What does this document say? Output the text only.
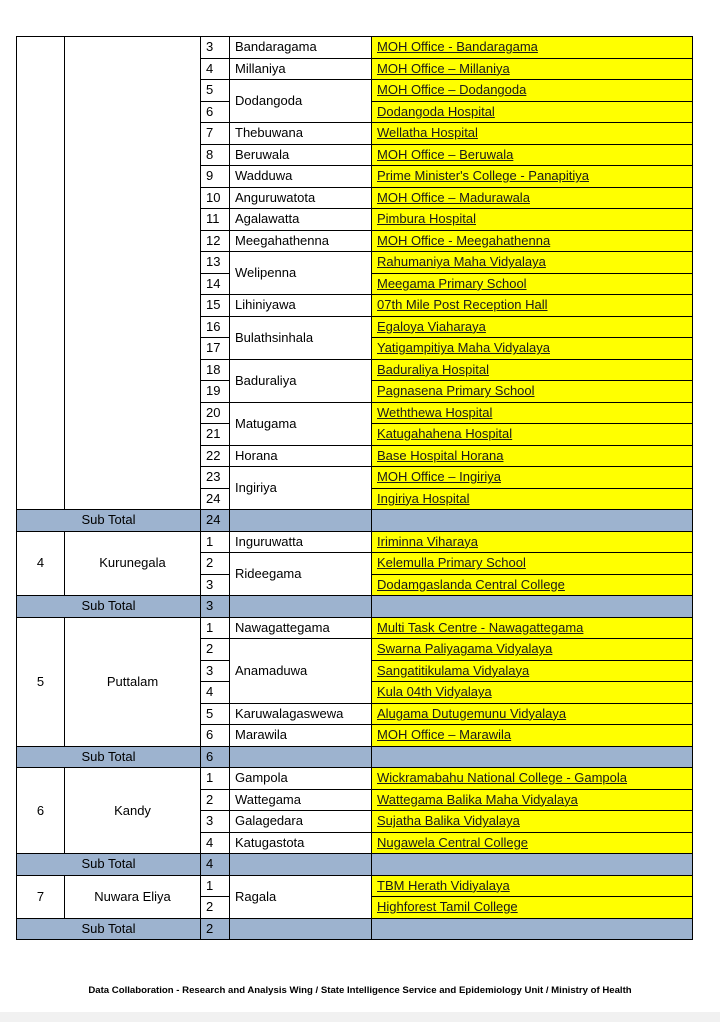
		3	Bandaragama	MOH Office - Bandaragama
		4	Millaniya	MOH Office – Millaniya
		5	Dodangoda	MOH Office – Dodangoda
		6		Dodangoda Hospital
		7	Thebuwana	Wellatha Hospital
		8	Beruwala	MOH Office – Beruwala
		9	Wadduwa	Prime Minister's College - Panapitiya
		10	Anguruwatota	MOH Office – Madurawala
		11	Agalawatta	Pimbura Hospital
		12	Meegahathenna	MOH Office - Meegahathenna
		13	Welipenna	Rahumaniya Maha Vidyalaya
		14		Meegama Primary School
		15	Lihiniyawa	07th Mile Post Reception Hall
		16	Bulathsinhala	Egaloya Viaharaya
		17		Yatigampitiya Maha Vidyalaya
		18	Baduraliya	Baduraliya Hospital
		19		Pagnasena Primary School
		20	Matugama	Weththewa Hospital
		21		Katugahahena Hospital
		22	Horana	Base Hospital Horana
		23	Ingiriya	MOH Office – Ingiriya
		24		Ingiriya Hospital
Sub Total		24		
4	Kurunegala	1	Inguruwatta	Iriminna Viharaya
		2	Rideegama	Kelemulla Primary School
		3		Dodamgaslanda Central College
Sub Total		3		
5	Puttalam	1	Nawagattegama	Multi Task Centre - Nawagattegama
		2	Anamaduwa	Swarna Paliyagama Vidyalaya
		3		Sangatitikulama Vidyalaya
		4		Kula 04th Vidyalaya
		5	Karuwalagaswewa	Alugama Dutugemunu Vidyalaya
		6	Marawila	MOH Office – Marawila
Sub Total		6		
6	Kandy	1	Gampola	Wickramabahu National College - Gampola
		2	Wattegama	Wattegama Balika Maha Vidyalaya
		3	Galagedara	Sujatha Balika Vidyalaya
		4	Katugastota	Nugawela Central College
Sub Total		4		
7	Nuwara Eliya	1	Ragala	TBM Herath Vidiyalaya
		2		Highforest Tamil College
Sub Total		2		
Data Collaboration - Research and Analysis Wing / State Intelligence Service and Epidemiology Unit / Ministry of Health
